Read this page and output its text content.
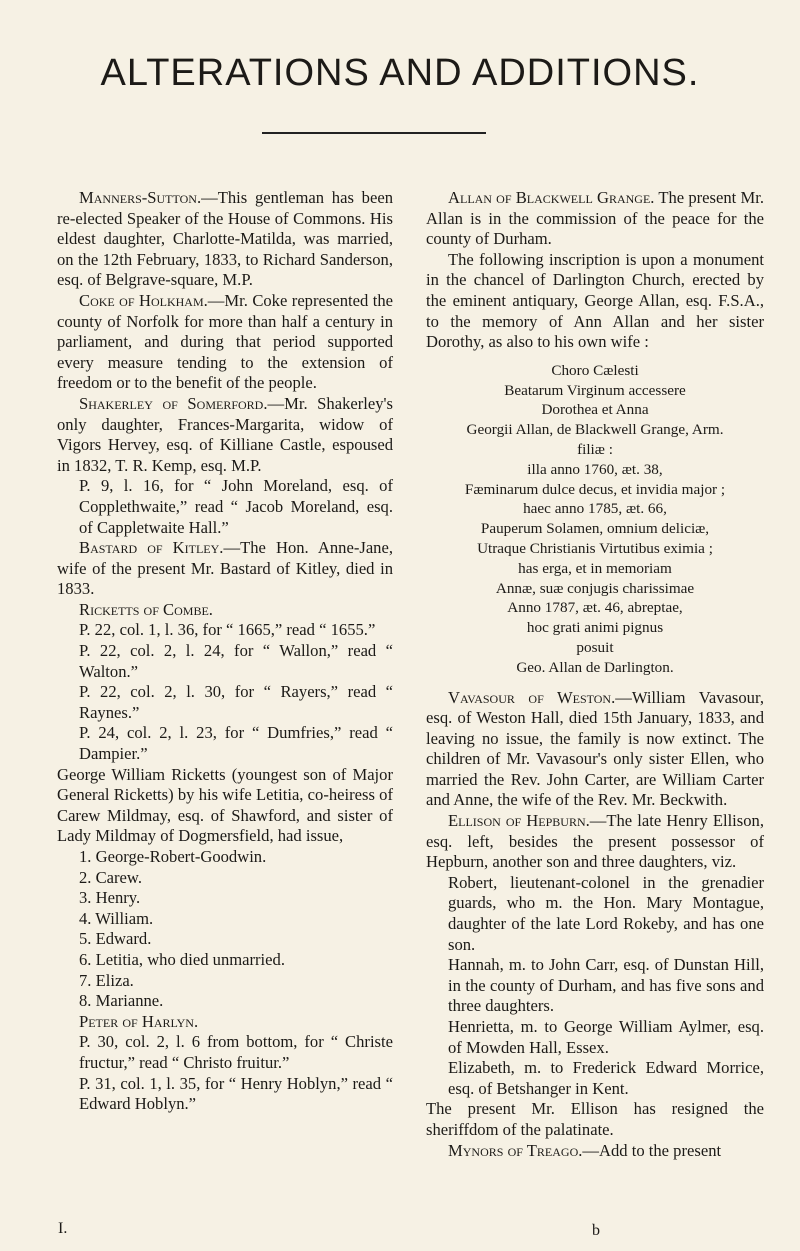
ALTERATIONS AND ADDITIONS.

Manners-Sutton.—This gentleman has been re-elected Speaker of the House of Commons. His eldest daughter, Charlotte-Matilda, was married, on the 12th February, 1833, to Richard Sanderson, esq. of Belgrave-square, M.P.

Coke of Holkham.—Mr. Coke represented the county of Norfolk for more than half a century in parliament, and during that period supported every measure tending to the extension of freedom or to the benefit of the people.

Shakerley of Somerford.—Mr. Shakerley's only daughter, Frances-Margarita, widow of Vigors Hervey, esq. of Killiane Castle, espoused in 1832, T. R. Kemp, esq. M.P.

P. 9, l. 16, for “ John Moreland, esq. of Copplethwaite,” read “ Jacob Moreland, esq. of Cappletwaite Hall.”

Bastard of Kitley.—The Hon. Anne-Jane, wife of the present Mr. Bastard of Kitley, died in 1833.

Ricketts of Combe.

P. 22, col. 1, l. 36, for “ 1665,” read “ 1655.”

P. 22, col. 2, l. 24, for “ Wallon,” read “ Walton.”

P. 22, col. 2, l. 30, for “ Rayers,” read “ Raynes.”

P. 24, col. 2, l. 23, for “ Dumfries,” read “ Dampier.”

George William Ricketts (youngest son of Major General Ricketts) by his wife Letitia, co-heiress of Carew Mildmay, esq. of Shawford, and sister of Lady Mildmay of Dogmersfield, had issue,

1. George-Robert-Goodwin.

2. Carew.

3. Henry.

4. William.

5. Edward.

6. Letitia, who died unmarried.

7. Eliza.

8. Marianne.

Peter of Harlyn.

P. 30, col. 2, l. 6 from bottom, for “ Christe fructur,” read “ Christo fruitur.”

P. 31, col. 1, l. 35, for “ Henry Hoblyn,” read “ Edward Hoblyn.”

Allan of Blackwell Grange. The present Mr. Allan is in the commission of the peace for the county of Durham.

The following inscription is upon a monument in the chancel of Darlington Church, erected by the eminent antiquary, George Allan, esq. F.S.A., to the memory of Ann Allan and her sister Dorothy, as also to his own wife :

Choro Cælesti

Beatarum Virginum accessere

Dorothea et Anna

Georgii Allan, de Blackwell Grange, Arm.

filiæ :

illa anno 1760, æt. 38,

Fæminarum dulce decus, et invidia major ;

haec anno 1785, æt. 66,

Pauperum Solamen, omnium deliciæ,

Utraque Christianis Virtutibus eximia ;

has erga, et in memoriam

Annæ, suæ conjugis charissimae

Anno 1787, æt. 46, abreptae,

hoc grati animi pignus

posuit

Geo. Allan de Darlington.

Vavasour of Weston.—William Vavasour, esq. of Weston Hall, died 15th January, 1833, and leaving no issue, the family is now extinct. The children of Mr. Vavasour's only sister Ellen, who married the Rev. John Carter, are William Carter and Anne, the wife of the Rev. Mr. Beckwith.

Ellison of Hepburn.—The late Henry Ellison, esq. left, besides the present possessor of Hepburn, another son and three daughters, viz.

Robert, lieutenant-colonel in the grenadier guards, who m. the Hon. Mary Montague, daughter of the late Lord Rokeby, and has one son.

Hannah, m. to John Carr, esq. of Dunstan Hill, in the county of Durham, and has five sons and three daughters.

Henrietta, m. to George William Aylmer, esq. of Mowden Hall, Essex.

Elizabeth, m. to Frederick Edward Morrice, esq. of Betshanger in Kent.

The present Mr. Ellison has resigned the sheriffdom of the palatinate.

Mynors of Treago.—Add to the present

I.	b
